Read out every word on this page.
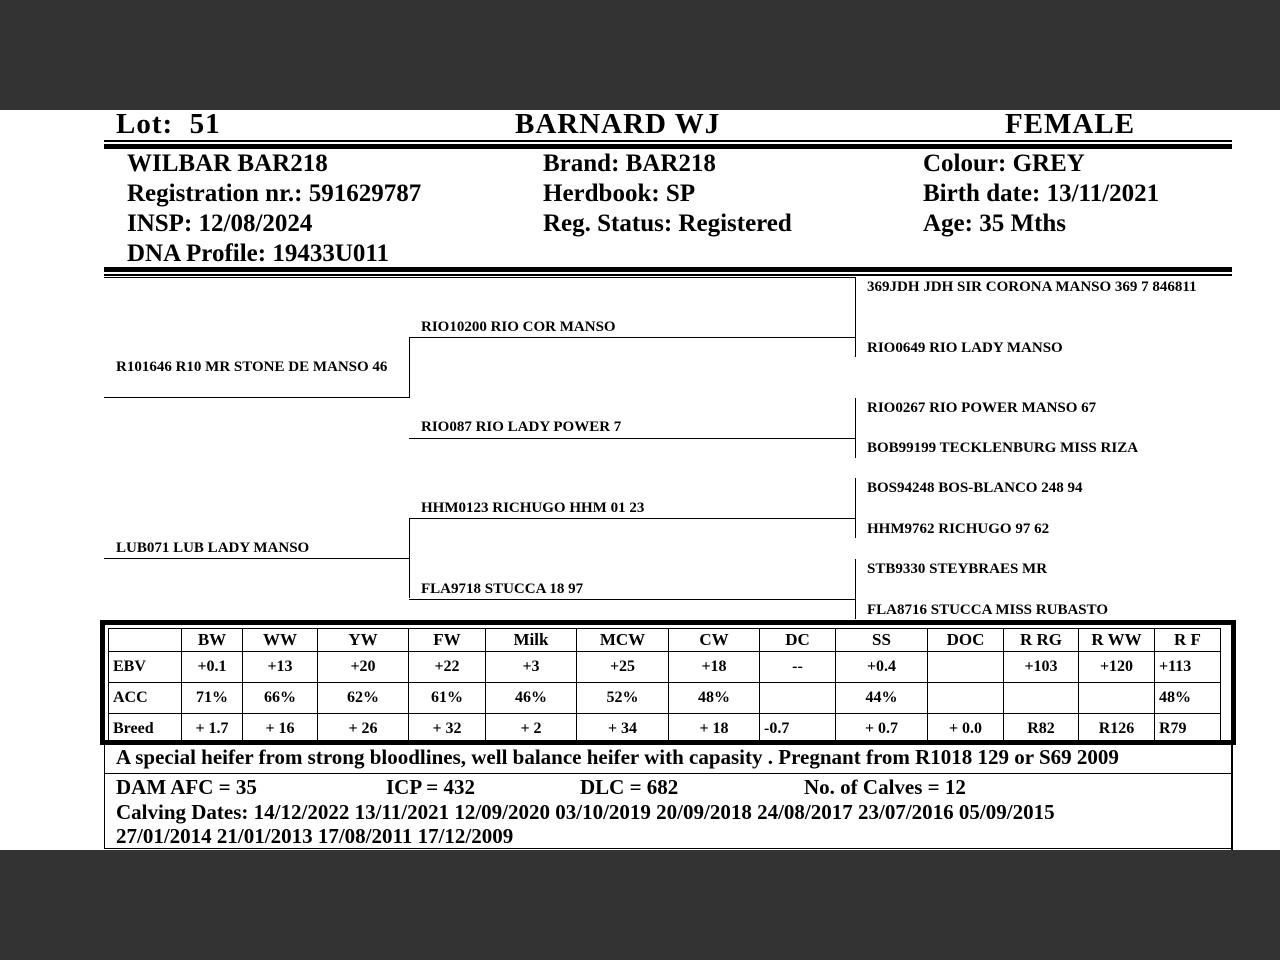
Lot: 51	BARNARD WJ	FEMALE
WILBAR BAR218
Registration nr.: 591629787
INSP: 12/08/2024
DNA Profile: 19433U011
Brand: BAR218
Herdbook: SP
Reg. Status: Registered
Colour: GREY
Birth date: 13/11/2021
Age: 35 Mths
R101646 R10 MR STONE DE MANSO 46
RIO10200 RIO COR MANSO
RIO087 RIO LADY POWER 7
LUB071 LUB LADY MANSO
HHM0123 RICHUGO HHM 01 23
FLA9718 STUCCA 18 97
369JDH JDH SIR CORONA MANSO 369 7 846811
RIO0649 RIO LADY MANSO
RIO0267 RIO POWER MANSO 67
BOB99199 TECKLENBURG MISS RIZA
BOS94248 BOS-BLANCO 248 94
HHM9762 RICHUGO 97 62
STB9330 STEYBRAES MR
FLA8716 STUCCA MISS RUBASTO
	BW	WW	YW	FW	Milk	MCW	CW	DC	SS	DOC	R RG	R WW	R F
EBV	+0.1	+13	+20	+22	+3	+25	+18	--	+0.4		+103	+120	+113
ACC	71%	66%	62%	61%	46%	52%	48%		44%				48%
Breed	+ 1.7	+ 16	+ 26	+ 32	+ 2	+ 34	+ 18	-0.7	+ 0.7	+ 0.0	R82	R126	R79
A special heifer from strong bloodlines, well balance heifer with capasity . Pregnant from R1018 129 or S69 2009
DAM AFC = 35	ICP = 432	DLC = 682	No. of Calves = 12
Calving Dates: 14/12/2022 13/11/2021 12/09/2020 03/10/2019 20/09/2018 24/08/2017 23/07/2016 05/09/2015
27/01/2014 21/01/2013 17/08/2011 17/12/2009
